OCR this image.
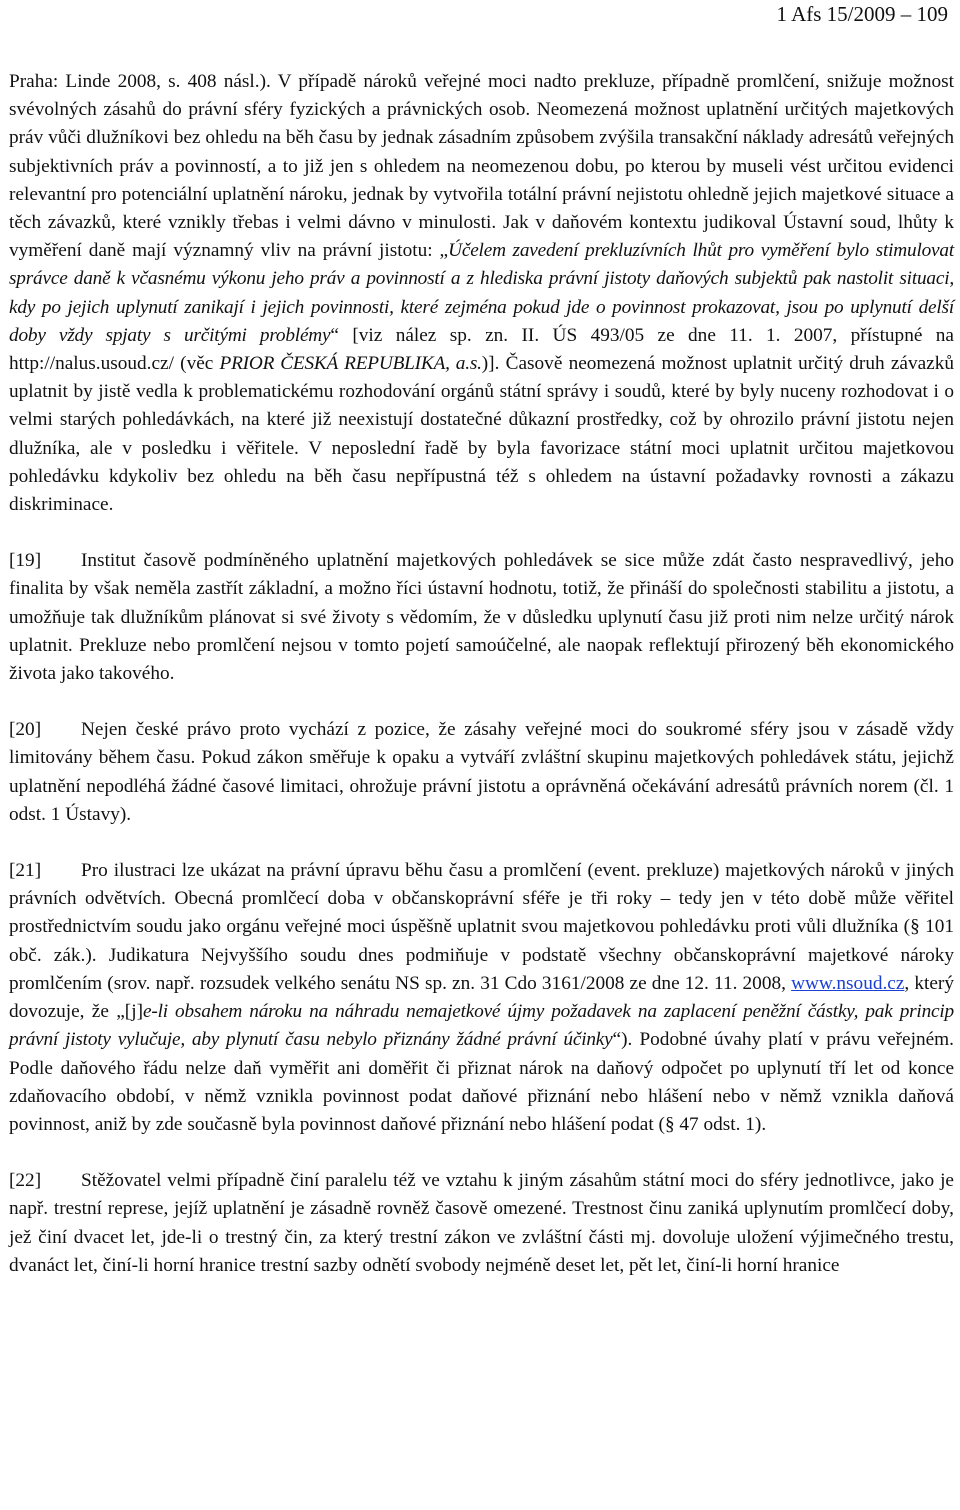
1 Afs 15/2009 – 109

Praha: Linde 2008, s. 408 násl.). V případě nároků veřejné moci nadto prekluze, případně promlčení, snižuje možnost svévolných zásahů do právní sféry fyzických a právnických osob. Neomezená možnost uplatnění určitých majetkových práv vůči dlužníkovi bez ohledu na běh času by jednak zásadním způsobem zvýšila transakční náklady adresátů veřejných subjektivních práv a povinností, a to již jen s ohledem na neomezenou dobu, po kterou by museli vést určitou evidenci relevantní pro potenciální uplatnění nároku, jednak by vytvořila totální právní nejistotu ohledně jejich majetkové situace a těch závazků, které vznikly třebas i velmi dávno v minulosti. Jak v daňovém kontextu judikoval Ústavní soud, lhůty k vyměření daně mají významný vliv na právní jistotu: „Účelem zavedení prekluzívních lhůt pro vyměření bylo stimulovat správce daně k včasnému výkonu jeho práv a povinností a z hlediska právní jistoty daňových subjektů pak nastolit situaci, kdy po jejich uplynutí zanikají i jejich povinnosti, které zejména pokud jde o povinnost prokazovat, jsou po uplynutí delší doby vždy spjaty s určitými problémy“ [viz nález sp. zn. II. ÚS 493/05 ze dne 11. 1. 2007, přístupné na http://nalus.usoud.cz/ (věc PRIOR ČESKÁ REPUBLIKA, a.s.)]. Časově neomezená možnost uplatnit určitý druh závazků uplatnit by jistě vedla k problematickému rozhodování orgánů státní správy i soudů, které by byly nuceny rozhodovat i o velmi starých pohledávkách, na které již neexistují dostatečné důkazní prostředky, což by ohrozilo právní jistotu nejen dlužníka, ale v posledku i věřitele. V neposlední řadě by byla favorizace státní moci uplatnit určitou majetkovou pohledávku kdykoliv bez ohledu na běh času nepřípustná též s ohledem na ústavní požadavky rovnosti a zákazu diskriminace.

[19] Institut časově podmíněného uplatnění majetkových pohledávek se sice může zdát často nespravedlivý, jeho finalita by však neměla zastřít základní, a možno říci ústavní hodnotu, totiž, že přináší do společnosti stabilitu a jistotu, a umožňuje tak dlužníkům plánovat si své životy s vědomím, že v důsledku uplynutí času již proti nim nelze určitý nárok uplatnit. Prekluze nebo promlčení nejsou v tomto pojetí samoúčelné, ale naopak reflektují přirozený běh ekonomického života jako takového.

[20] Nejen české právo proto vychází z pozice, že zásahy veřejné moci do soukromé sféry jsou v zásadě vždy limitovány během času. Pokud zákon směřuje k opaku a vytváří zvláštní skupinu majetkových pohledávek státu, jejichž uplatnění nepodléhá žádné časové limitaci, ohrožuje právní jistotu a oprávněná očekávání adresátů právních norem (čl. 1 odst. 1 Ústavy).

[21] Pro ilustraci lze ukázat na právní úpravu běhu času a promlčení (event. prekluze) majetkových nároků v jiných právních odvětvích. Obecná promlčecí doba v občanskoprávní sféře je tři roky – tedy jen v této době může věřitel prostřednictvím soudu jako orgánu veřejné moci úspěšně uplatnit svou majetkovou pohledávku proti vůli dlužníka (§ 101 obč. zák.). Judikatura Nejvyššího soudu dnes podmiňuje v podstatě všechny občanskoprávní majetkové nároky promlčením (srov. např. rozsudek velkého senátu NS sp. zn. 31 Cdo 3161/2008 ze dne 12. 11. 2008, www.nsoud.cz, který dovozuje, že „[j]e-li obsahem nároku na náhradu nemajetkové újmy požadavek na zaplacení peněžní částky, pak princip právní jistoty vylučuje, aby plynutí času nebylo přiznány žádné právní účinky“). Podobné úvahy platí v právu veřejném. Podle daňového řádu nelze daň vyměřit ani doměřit či přiznat nárok na daňový odpočet po uplynutí tří let od konce zdaňovacího období, v němž vznikla povinnost podat daňové přiznání nebo hlášení nebo v němž vznikla daňová povinnost, aniž by zde současně byla povinnost daňové přiznání nebo hlášení podat (§ 47 odst. 1).

[22] Stěžovatel velmi případně činí paralelu též ve vztahu k jiným zásahům státní moci do sféry jednotlivce, jako je např. trestní represe, jejíž uplatnění je zásadně rovněž časově omezené. Trestnost činu zaniká uplynutím promlčecí doby, jež činí dvacet let, jde-li o trestný čin, za který trestní zákon ve zvláštní části mj. dovoluje uložení výjimečného trestu, dvanáct let, činí-li horní hranice trestní sazby odnětí svobody nejméně deset let, pět let, činí-li horní hranice
